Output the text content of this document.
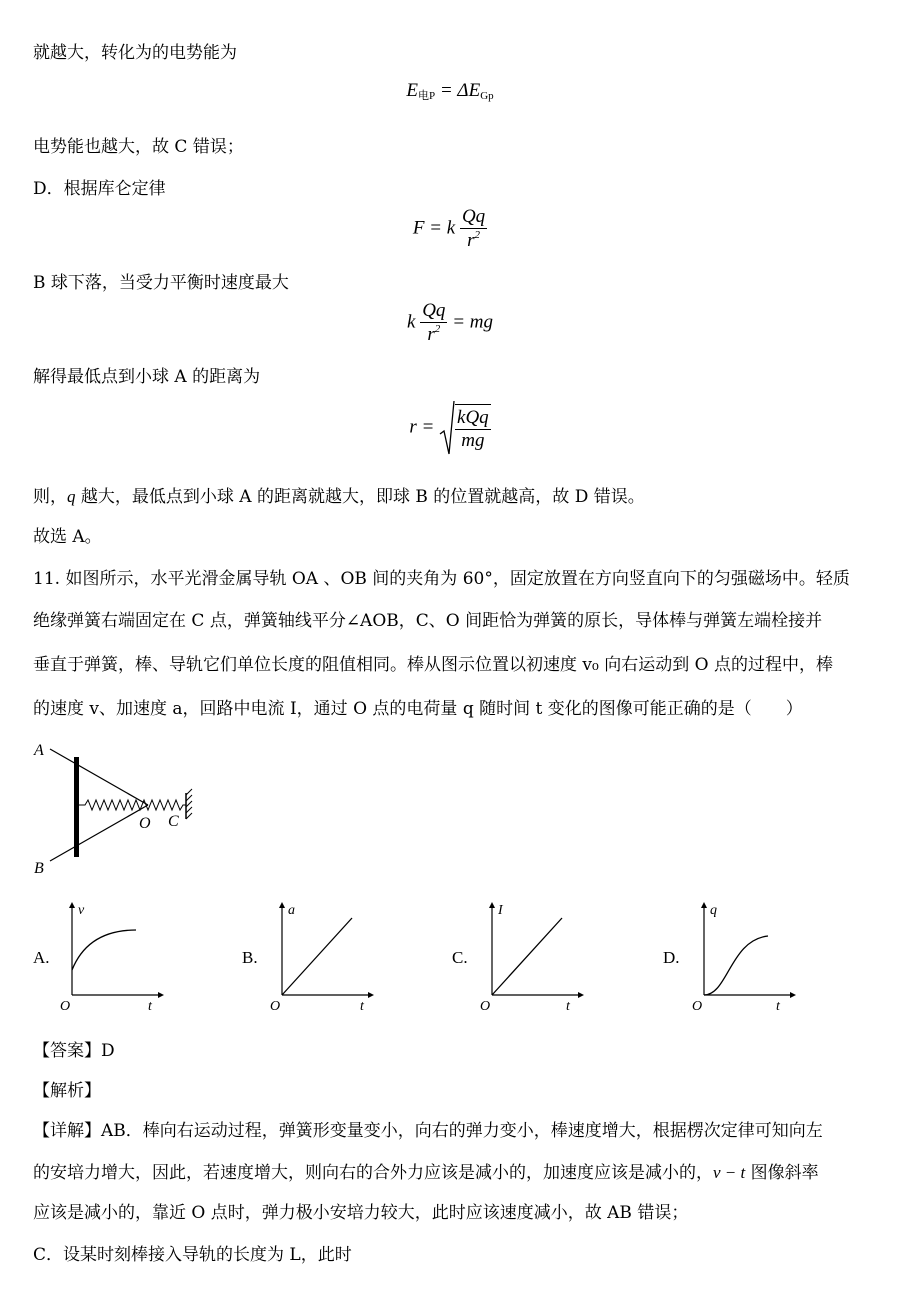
就越大，转化为的电势能为
$E_{电P} = \Delta E_{Gp}$
电势能也越大，故 C 错误；
D．根据库仑定律
F = k $\frac{Qq}{r^2}$
B 球下落，当受力平衡时速度最大
k $\frac{Qq}{r^2}$ = mg
解得最低点到小球 A 的距离为
$r = \frac{\text{kQq}}{mg}$
则，q 越大，最低点到小球 A 的距离就越大，即球 B 的位置就越高，故 D 错误。
故选 A。
11. 如图所示，水平光滑金属导轨 OA 、OB 间的夹角为 60°，固定放置在方向竖直向下的匀强磁场中。轻质
绝缘弹簧右端固定在 C 点，弹簧轴线平分∠AOB，C、O 间距恰为弹簧的原长，导体棒与弹簧左端栓接并
垂直于弹簧，棒、导轨它们单位长度的阻值相同。棒从图示位置以初速度 v₀ 向右运动到 O 点的过程中，棒
的速度 v、加速度 a，回路中电流 I，通过 O 点的电荷量 q 随时间 t 变化的图像可能正确的是（　　）
A
B
O C
A.
v
O	t
B.
a
O	t
C.
I
O	t
D.
q
O	t
【答案】D
【解析】
【详解】AB．棒向右运动过程，弹簧形变量变小，向右的弹力变小，棒速度增大，根据楞次定律可知向左
的安培力增大，因此，若速度增大，则向右的合外力应该是减小的，加速度应该是减小的，v − t 图像斜率
应该是减小的，靠近 O 点时，弹力极小安培力较大，此时应该速度减小，故 AB 错误；
C．设某时刻棒接入导轨的长度为 L，此时
